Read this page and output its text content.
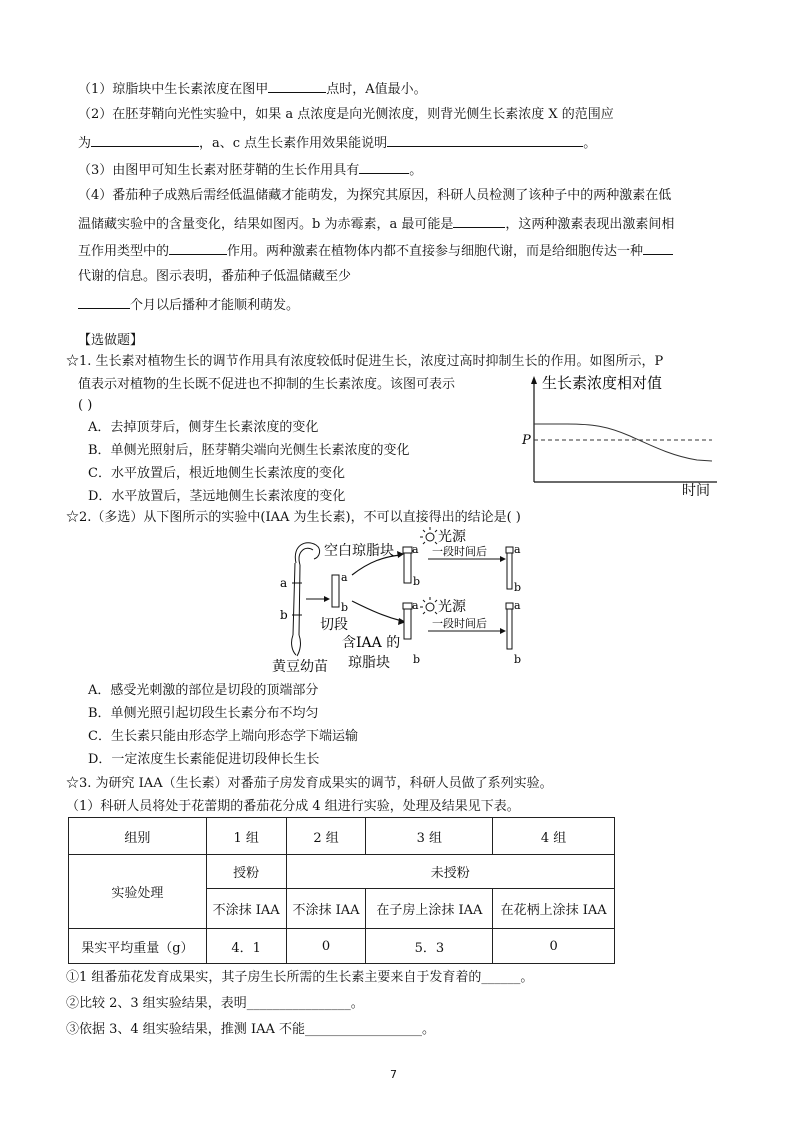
（1）琼脂块中生长素浓度在图甲	点时，A值最小。
（2）在胚芽鞘向光性实验中，如果 a 点浓度是向光侧浓度，则背光侧生长素浓度 X 的范围应
为	，a、c 点生长素作用效果能说明	。
（3）由图甲可知生长素对胚芽鞘的生长作用具有	。
（4）番茄种子成熟后需经低温储藏才能萌发，为探究其原因，科研人员检测了该种子中的两种激素在低
温储藏实验中的含量变化，结果如图丙。b 为赤霉素，a 最可能是	，这两种激素表现出激素间相
互作用类型中的	作用。两种激素在植物体内都不直接参与细胞代谢，而是给细胞传达一种
代谢的信息。图示表明，番茄种子低温储藏至少
个月以后播种才能顺利萌发。
【选做题】
☆1. 生长素对植物生长的调节作用具有浓度较低时促进生长，浓度过高时抑制生长的作用。如图所示，P
值表示对植物的生长既不促进也不抑制的生长素浓度。该图可表示
( )
A．去掉顶芽后，侧芽生长素浓度的变化
B．单侧光照射后，胚芽鞘尖端向光侧生长素浓度的变化
C．水平放置后，根近地侧生长素浓度的变化
D．水平放置后，茎远地侧生长素浓度的变化
生长素浓度相对值
P
时间
☆2.（多选）从下图所示的实验中(IAA 为生长素)，不可以直接得出的结论是( )
a
b
黄豆幼苗
a
b
切段
空白琼脂块
含IAA 的
琼脂块
a
b
光源
一段时间后 a
b
a
b
光源
一段时间后
a
b
A．感受光刺激的部位是切段的顶端部分
B．单侧光照引起切段生长素分布不均匀
C．生长素只能由形态学上端向形态学下端运输
D．一定浓度生长素能促进切段伸长生长
☆3. 为研究 IAA（生长素）对番茄子房发育成果实的调节，科研人员做了系列实验。
（1）科研人员将处于花蕾期的番茄花分成 4 组进行实验，处理及结果见下表。
组别	1 组	2 组	3 组	4 组
实验处理	授粉	未授粉		
	不涂抹 IAA	不涂抹 IAA	在子房上涂抹 IAA	在花柄上涂抹 IAA
果实平均重量（g）	4．1	0	5．3	0
①1 组番茄花发育成果实，其子房生长所需的生长素主要来自于发育着的______。
②比较 2、3 组实验结果，表明________________。
③依据 3、4 组实验结果，推测 IAA 不能__________________。
7
